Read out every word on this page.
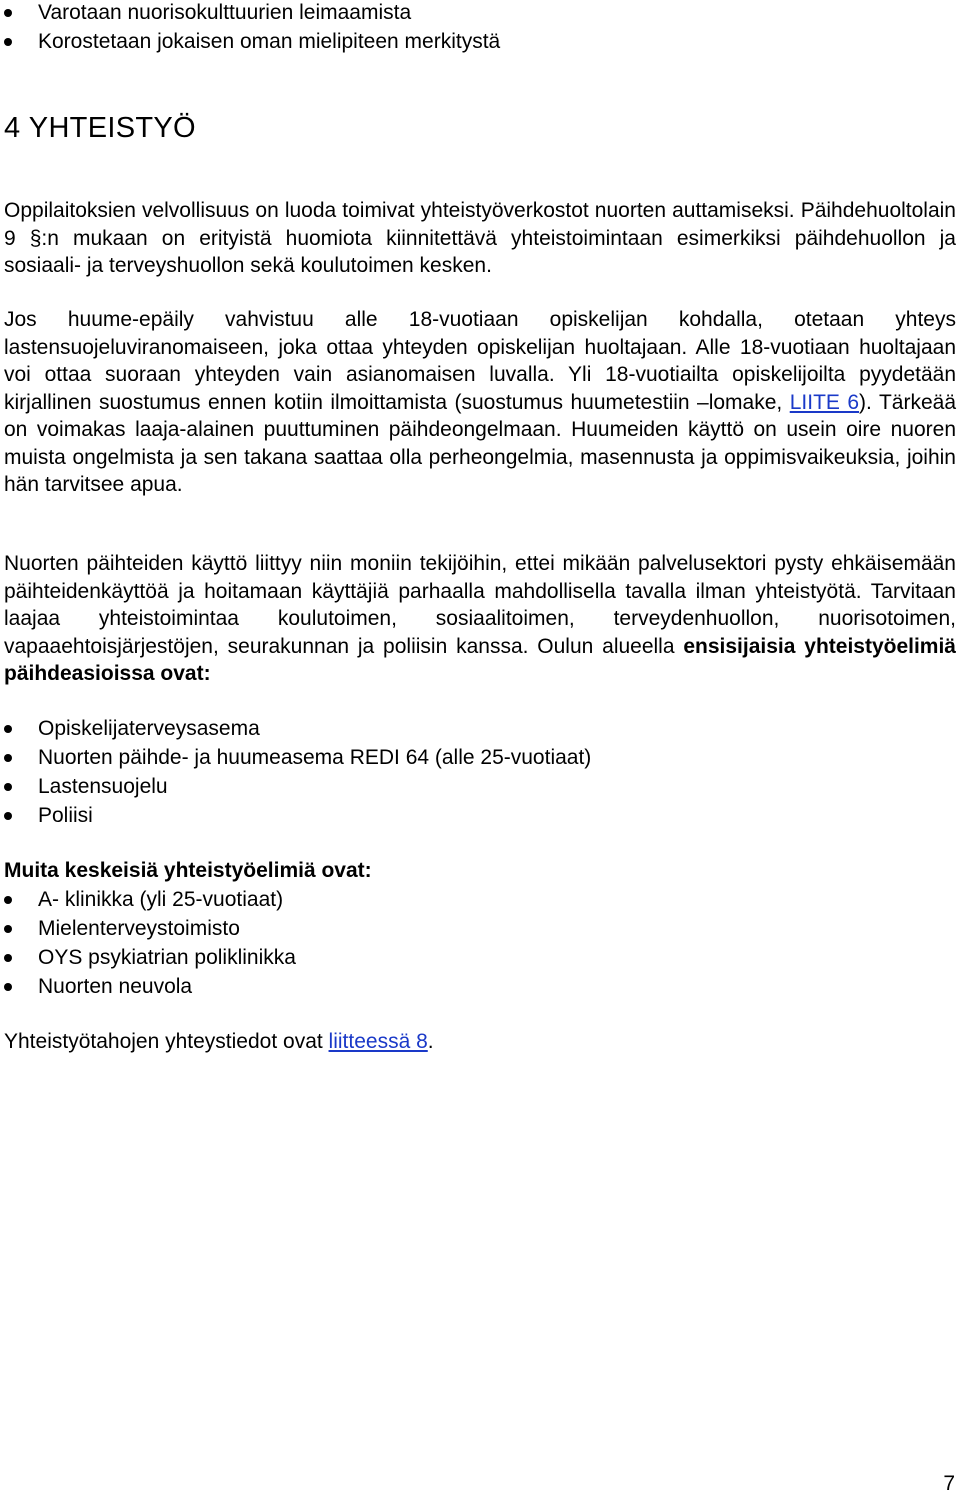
Varotaan nuorisokulttuurien leimaamista
Korostetaan jokaisen oman mielipiteen merkitystä
4 YHTEISTYÖ

Oppilaitoksien velvollisuus on luoda toimivat yhteistyöverkostot nuorten auttamiseksi. Päihdehuoltolain 9 §:n mukaan on erityistä huomiota kiinnitettävä yhteistoimintaan esimerkiksi päihdehuollon ja sosiaali- ja terveyshuollon sekä koulutoimen kesken.

Jos huume-epäily vahvistuu alle 18-vuotiaan opiskelijan kohdalla, otetaan yhteys lastensuojeluviranomaiseen, joka ottaa yhteyden opiskelijan huoltajaan. Alle 18-vuotiaan huoltajaan voi ottaa suoraan yhteyden vain asianomaisen luvalla. Yli 18-vuotiailta opiskelijoilta pyydetään kirjallinen suostumus ennen kotiin ilmoittamista (suostumus huumetestiin –lomake, LIITE 6). Tärkeää on voimakas laaja-alainen puuttuminen päihdeongelmaan. Huumeiden käyttö on usein oire nuoren muista ongelmista ja sen takana saattaa olla perheongelmia, masennusta ja oppimisvaikeuksia, joihin hän tarvitsee apua.

Nuorten päihteiden käyttö liittyy niin moniin tekijöihin, ettei mikään palvelusektori pysty ehkäisemään päihteidenkäyttöä ja hoitamaan käyttäjiä parhaalla mahdollisella tavalla ilman yhteistyötä. Tarvitaan laajaa yhteistoimintaa koulutoimen, sosiaalitoimen, terveydenhuollon, nuorisotoimen, vapaaehtoisjärjestöjen, seurakunnan ja poliisin kanssa. Oulun alueella ensisijaisia yhteistyöelimiä päihdeasioissa ovat:

Opiskelijaterveysasema
Nuorten päihde- ja huumeasema REDI 64 (alle 25-vuotiaat)
Lastensuojelu
Poliisi

Muita keskeisiä yhteistyöelimiä ovat:

A- klinikka (yli 25-vuotiaat)
Mielenterveystoimisto
OYS psykiatrian poliklinikka
Nuorten neuvola

Yhteistyötahojen yhteystiedot ovat liitteessä 8.

7
